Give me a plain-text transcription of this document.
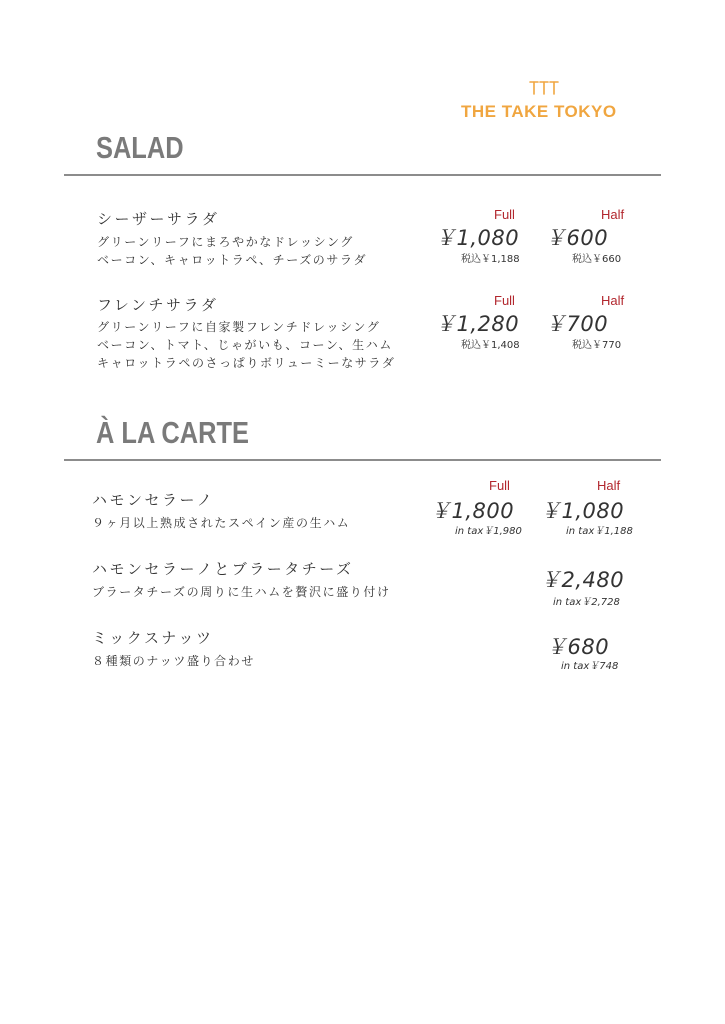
THE TAKE TOKYO
SALAD
シーザーサラダ
グリーンリーフにまろやかなドレッシング
ベーコン、キャロットラペ、チーズのサラダ
Full	Half
￥1,080 ￥600
税込￥1,188	税込￥660
フレンチサラダ
グリーンリーフに自家製フレンチドレッシング
ベーコン、トマト、じゃがいも、コーン、生ハム
キャロットラペのさっぱりボリューミーなサラダ
Full	Half
￥1,280 ￥700
税込￥1,408	税込￥770
À LA CARTE
ハモンセラーノ
９ヶ月以上熟成されたスペイン産の生ハム
Full	Half
￥1,800 ￥1,080
in tax￥1,980	in tax￥1,188
ハモンセラーノとブラータチーズ
ブラータチーズの周りに生ハムを贅沢に盛り付け	￥2,480
in tax￥2,728
ミックスナッツ
８種類のナッツ盛り合わせ
￥680
in tax￥748
